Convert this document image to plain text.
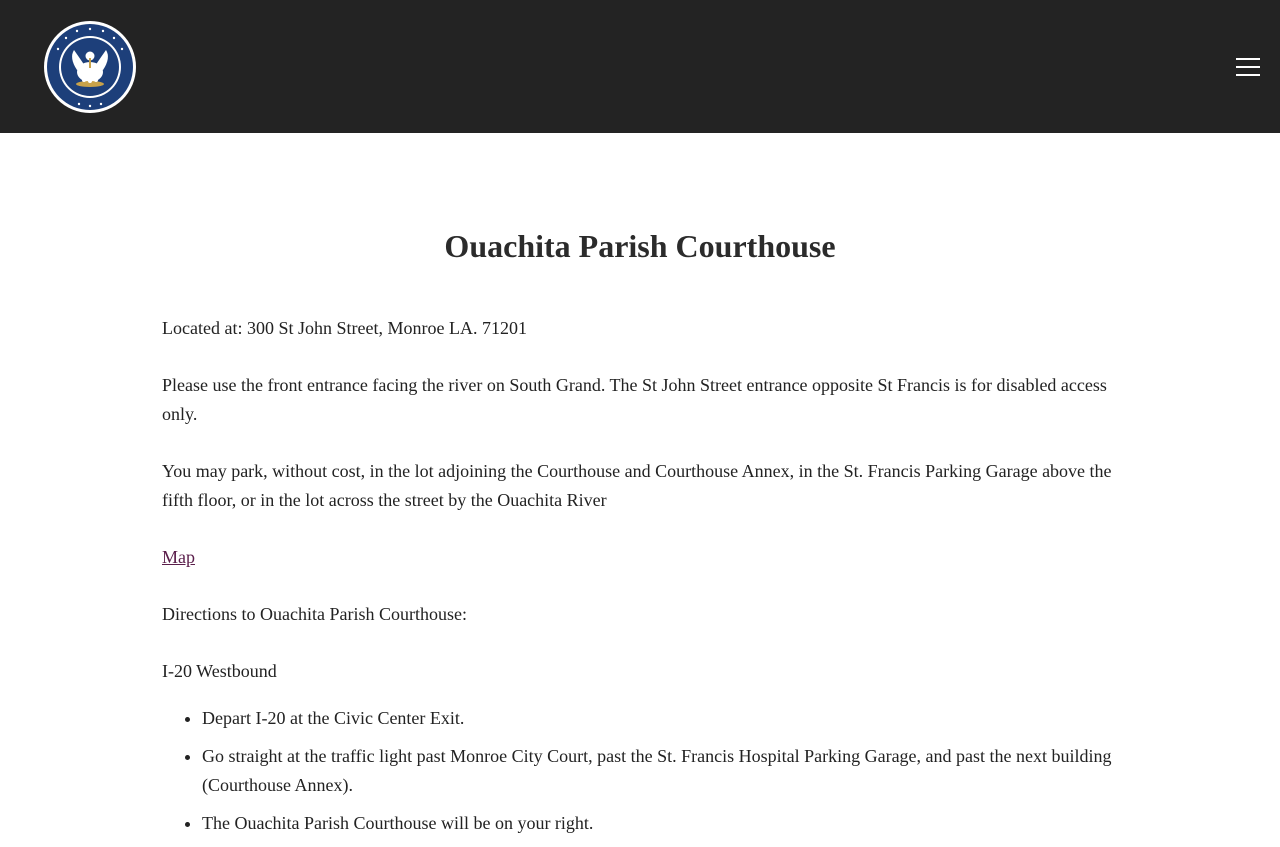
Ouachita Parish Courthouse

Located at: 300 St John Street, Monroe LA. 71201

Please use the front entrance facing the river on South Grand. The St John Street entrance opposite St Francis is for disabled access only.

You may park, without cost, in the lot adjoining the Courthouse and Courthouse Annex, in the St. Francis Parking Garage above the fifth floor, or in the lot across the street by the Ouachita River

Map

Directions to Ouachita Parish Courthouse:

I-20 Westbound

• Depart I-20 at the Civic Center Exit.
• Go straight at the traffic light past Monroe City Court, past the St. Francis Hospital Parking Garage, and past the next building (Courthouse Annex).
• The Ouachita Parish Courthouse will be on your right.
